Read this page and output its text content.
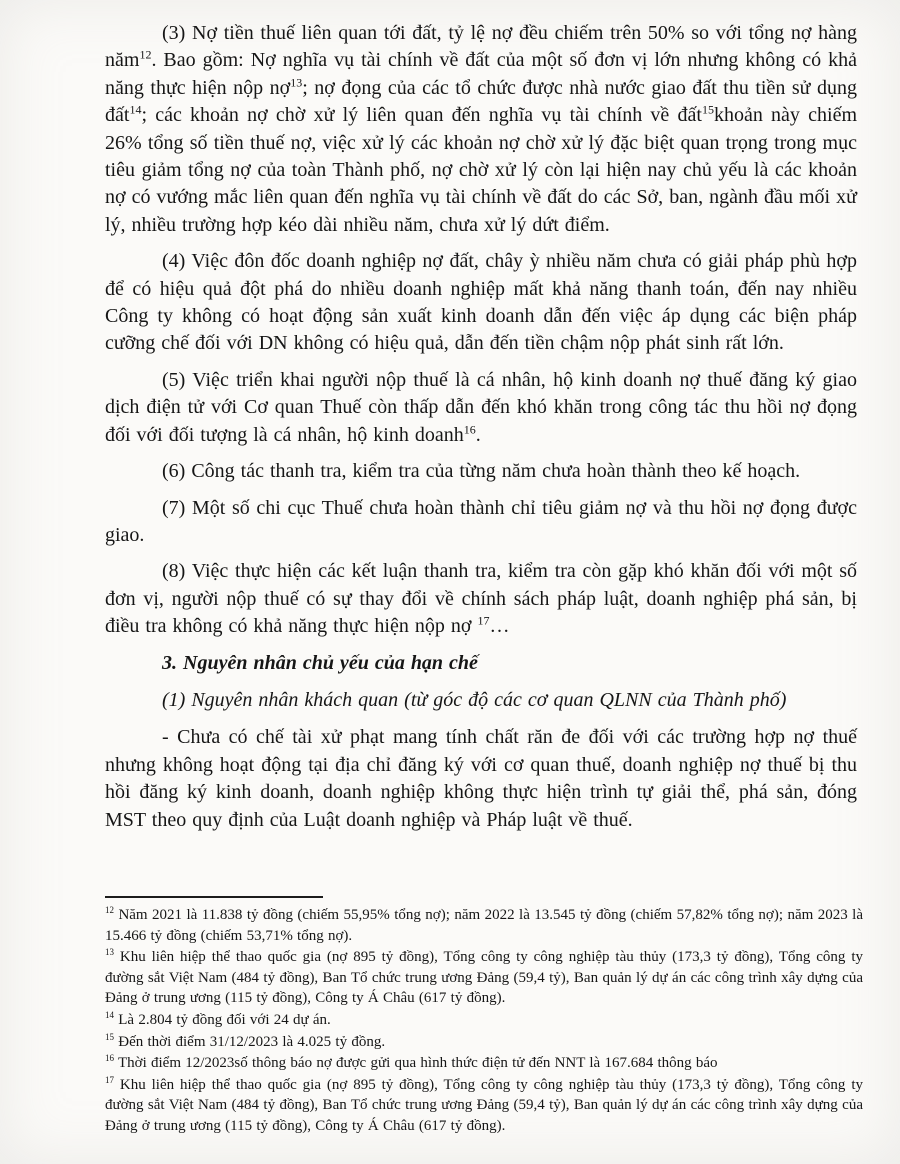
(3) Nợ tiền thuế liên quan tới đất, tỷ lệ nợ đều chiếm trên 50% so với tổng nợ hàng năm$^{12}$. Bao gồm: Nợ nghĩa vụ tài chính về đất của một số đơn vị lớn nhưng không có khả năng thực hiện nộp nợ$^{13}$; nợ đọng của các tổ chức được nhà nước giao đất thu tiền sử dụng đất$^{14}$; các khoản nợ chờ xử lý liên quan đến nghĩa vụ tài chính về đất$^{15}$khoản này chiếm 26% tổng số tiền thuế nợ, việc xử lý các khoản nợ chờ xử lý đặc biệt quan trọng trong mục tiêu giảm tổng nợ của toàn Thành phố, nợ chờ xử lý còn lại hiện nay chủ yếu là các khoản nợ có vướng mắc liên quan đến nghĩa vụ tài chính về đất do các Sở, ban, ngành đầu mối xử lý, nhiều trường hợp kéo dài nhiều năm, chưa xử lý dứt điểm.

(4) Việc đôn đốc doanh nghiệp nợ đất, chây ỳ nhiều năm chưa có giải pháp phù hợp để có hiệu quả đột phá do nhiều doanh nghiệp mất khả năng thanh toán, đến nay nhiều Công ty không có hoạt động sản xuất kinh doanh dẫn đến việc áp dụng các biện pháp cưỡng chế đối với DN không có hiệu quả, dẫn đến tiền chậm nộp phát sinh rất lớn.

(5) Việc triển khai người nộp thuế là cá nhân, hộ kinh doanh nợ thuế đăng ký giao dịch điện tử với Cơ quan Thuế còn thấp dẫn đến khó khăn trong công tác thu hồi nợ đọng đối với đối tượng là cá nhân, hộ kinh doanh$^{16}$.

(6) Công tác thanh tra, kiểm tra của từng năm chưa hoàn thành theo kế hoạch.

(7) Một số chi cục Thuế chưa hoàn thành chỉ tiêu giảm nợ và thu hồi nợ đọng được giao.

(8) Việc thực hiện các kết luận thanh tra, kiểm tra còn gặp khó khăn đối với một số đơn vị, người nộp thuế có sự thay đổi về chính sách pháp luật, doanh nghiệp phá sản, bị điều tra không có khả năng thực hiện nộp nợ $^{17}$…

3. Nguyên nhân chủ yếu của hạn chế

(1) Nguyên nhân khách quan (từ góc độ các cơ quan QLNN của Thành phố)

- Chưa có chế tài xử phạt mang tính chất răn đe đối với các trường hợp nợ thuế nhưng không hoạt động tại địa chỉ đăng ký với cơ quan thuế, doanh nghiệp nợ thuế bị thu hồi đăng ký kinh doanh, doanh nghiệp không thực hiện trình tự giải thể, phá sản, đóng MST theo quy định của Luật doanh nghiệp và Pháp luật về thuế.

$^{12}$ Năm 2021 là 11.838 tỷ đồng (chiếm 55,95% tổng nợ); năm 2022 là 13.545 tỷ đồng (chiếm 57,82% tổng nợ); năm 2023 là 15.466 tỷ đồng (chiếm 53,71% tổng nợ).
$^{13}$ Khu liên hiệp thể thao quốc gia (nợ 895 tỷ đồng), Tổng công ty công nghiệp tàu thủy (173,3 tỷ đồng), Tổng công ty đường sắt Việt Nam (484 tỷ đồng), Ban Tổ chức trung ương Đảng (59,4 tỷ), Ban quản lý dự án các công trình xây dựng của Đảng ở trung ương (115 tỷ đồng), Công ty Á Châu (617 tỷ đồng).
$^{14}$ Là 2.804 tỷ đồng đối với 24 dự án.
$^{15}$ Đến thời điểm 31/12/2023 là 4.025 tỷ đồng.
$^{16}$ Thời điểm 12/2023số thông báo nợ được gửi qua hình thức điện tử đến NNT là 167.684 thông báo
$^{17}$ Khu liên hiệp thể thao quốc gia (nợ 895 tỷ đồng), Tổng công ty công nghiệp tàu thủy (173,3 tỷ đồng), Tổng công ty đường sắt Việt Nam (484 tỷ đồng), Ban Tổ chức trung ương Đảng (59,4 tỷ), Ban quản lý dự án các công trình xây dựng của Đảng ở trung ương (115 tỷ đồng), Công ty Á Châu (617 tỷ đồng).
